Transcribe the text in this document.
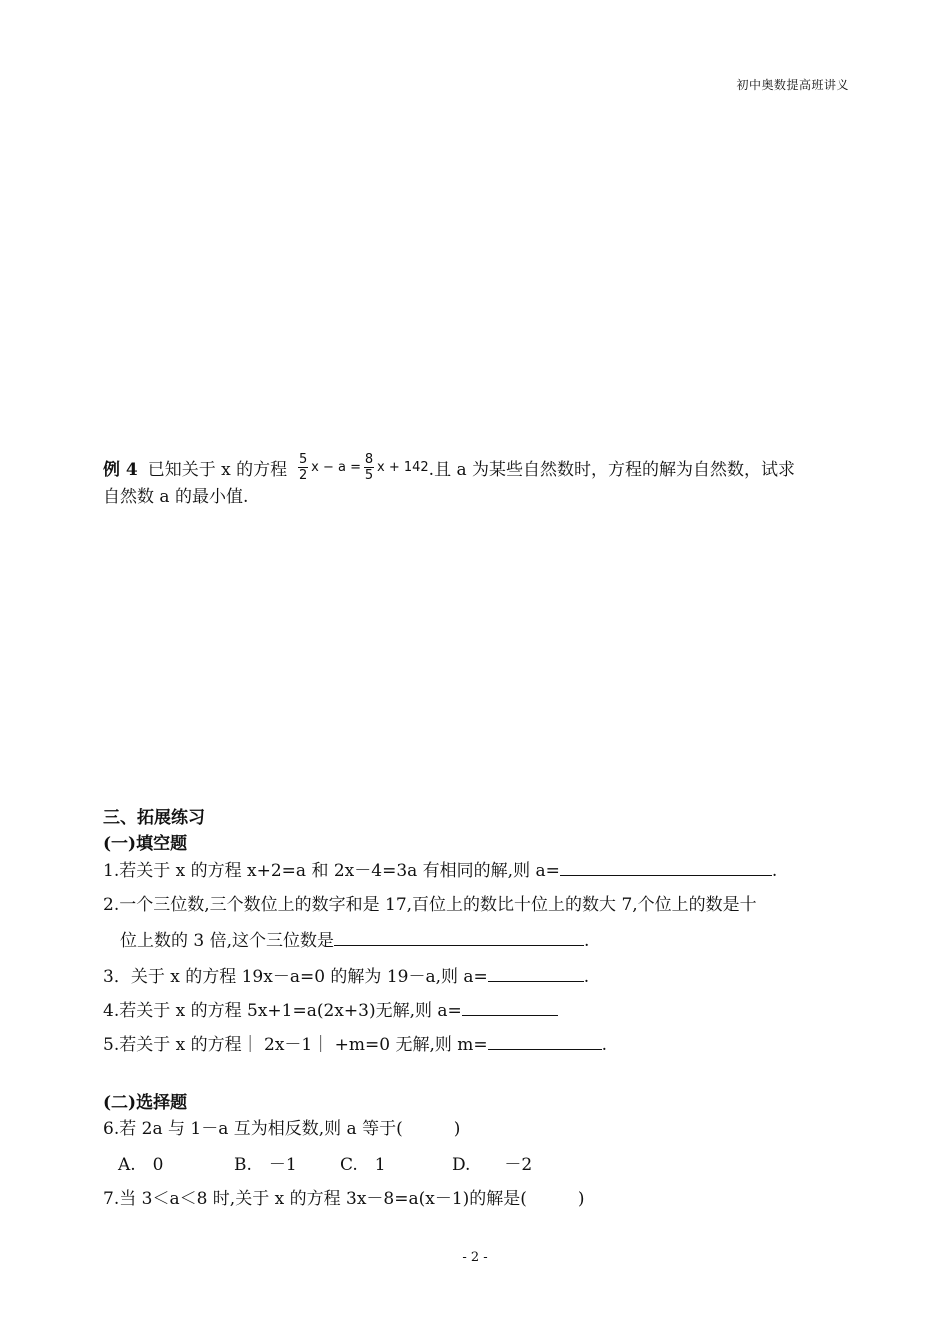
初中奥数提高班讲义
例 4 已知关于 x 的方程 $\frac{5}{2}$ $x - a = \frac{8}{5}$ x + 142 .且 a 为某些自然数时，方程的解为自然数，试求
自然数 a 的最小值.
三、拓展练习
(一)填空题
1.若关于 x 的方程 x+2=a 和 2x－4=3a 有相同的解,则 a=	.
2.一个三位数,三个数位上的数字和是 17,百位上的数比十位上的数大 7,个位上的数是十
位上数的 3 倍,这个三位数是	.
3．关于 x 的方程 19x－a=0 的解为 19－a,则 a=	.
4.若关于 x 的方程 5x+1=a(2x+3)无解,则 a=
5.若关于 x 的方程｜ 2x－1｜ +m=0 无解,则 m=	.
(二)选择题
6.若 2a 与 1－a 互为相反数,则 a 等于(　　　)
A.　0	B.　－1	C.　1	D.　　－2
7.当 3＜a＜8 时,关于 x 的方程 3x－8=a(x－1)的解是(　　　)
- 2 -
